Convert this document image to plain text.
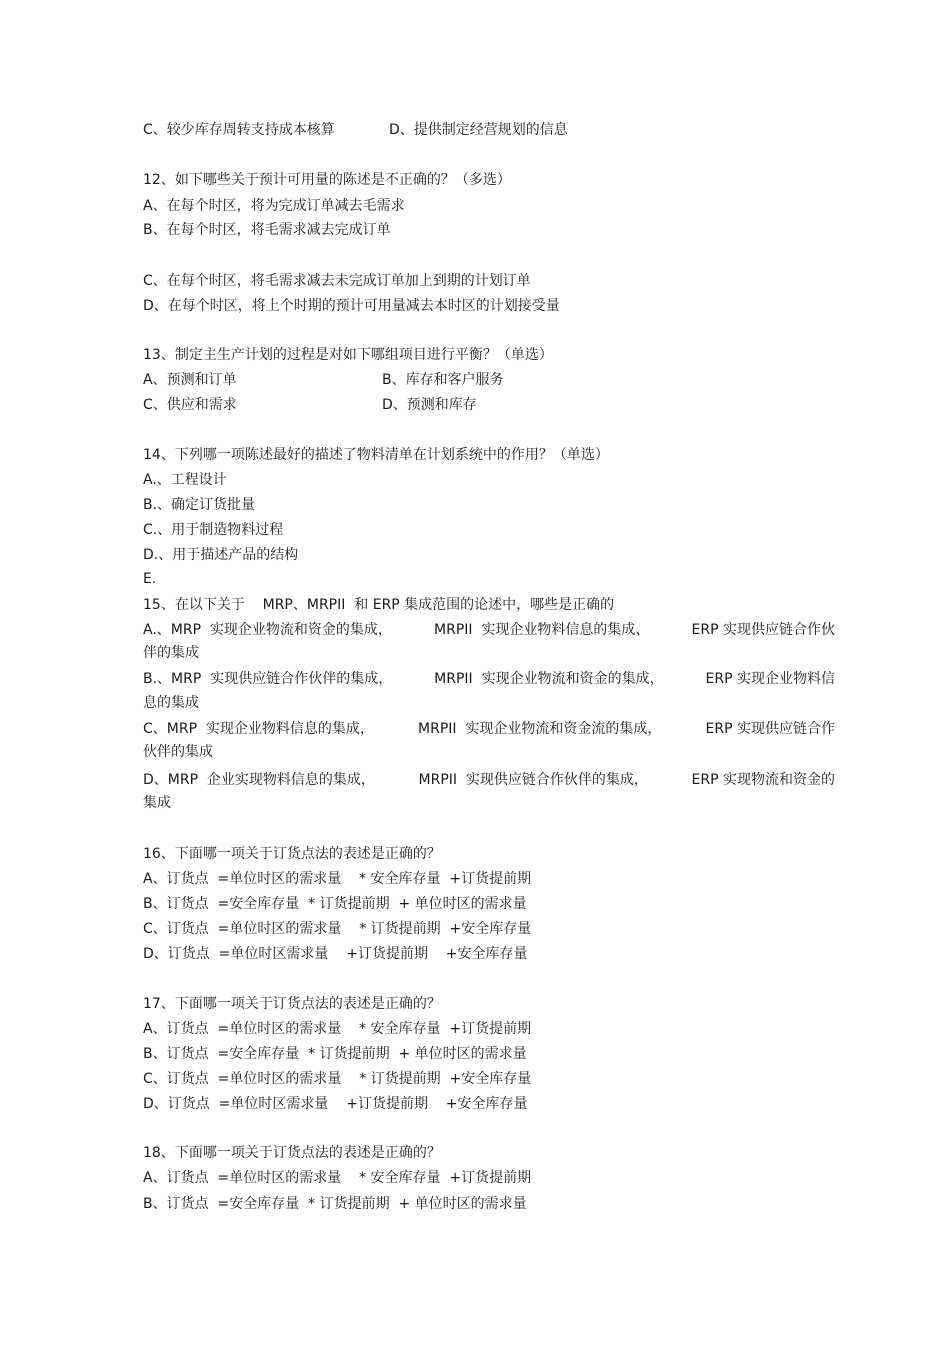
C、较少库存周转支持成本核算	D、提供制定经营规划的信息
12、如下哪些关于预计可用量的陈述是不正确的？（多选）
A、在每个时区，将为完成订单减去毛需求
B、在每个时区，将毛需求减去完成订单
C、在每个时区，将毛需求减去未完成订单加上到期的计划订单
D、在每个时区，将上个时期的预计可用量减去本时区的计划接受量
13、制定主生产计划的过程是对如下哪组项目进行平衡？（单选）
A、预测和订单	B、库存和客户服务
C、供应和需求	D、预测和库存
14、下列哪一项陈述最好的描述了物料清单在计划系统中的作用？（单选）
A.、工程设计
B.、确定订货批量
C.、用于制造物料过程
D.、用于描述产品的结构
E.
15、在以下关于    MRP、MRPII  和 ERP 集成范围的论述中，哪些是正确的
A.、MRP  实现企业物流和资金的集成，	MRPII  实现企业物料信息的集成、	ERP 实现供应链合作伙
伴的集成
B.、MRP  实现供应链合作伙伴的集成，	MRPII  实现企业物流和资金的集成，	ERP 实现企业物料信
息的集成
C、MRP  实现企业物料信息的集成，	MRPII  实现企业物流和资金流的集成，	ERP 实现供应链合作
伙伴的集成
D、MRP  企业实现物料信息的集成，	MRPII  实现供应链合作伙伴的集成，	ERP 实现物流和资金的
集成
16、下面哪一项关于订货点法的表述是正确的？
A、订货点  =单位时区的需求量    * 安全库存量  +订货提前期
B、订货点  =安全库存量  * 订货提前期  + 单位时区的需求量
C、订货点  =单位时区的需求量    * 订货提前期  +安全库存量
D、订货点  =单位时区需求量    +订货提前期    +安全库存量
17、下面哪一项关于订货点法的表述是正确的？
A、订货点  =单位时区的需求量    * 安全库存量  +订货提前期
B、订货点  =安全库存量  * 订货提前期  + 单位时区的需求量
C、订货点  =单位时区的需求量    * 订货提前期  +安全库存量
D、订货点  =单位时区需求量    +订货提前期    +安全库存量
18、下面哪一项关于订货点法的表述是正确的？
A、订货点  =单位时区的需求量    * 安全库存量  +订货提前期
B、订货点  =安全库存量  * 订货提前期  + 单位时区的需求量
